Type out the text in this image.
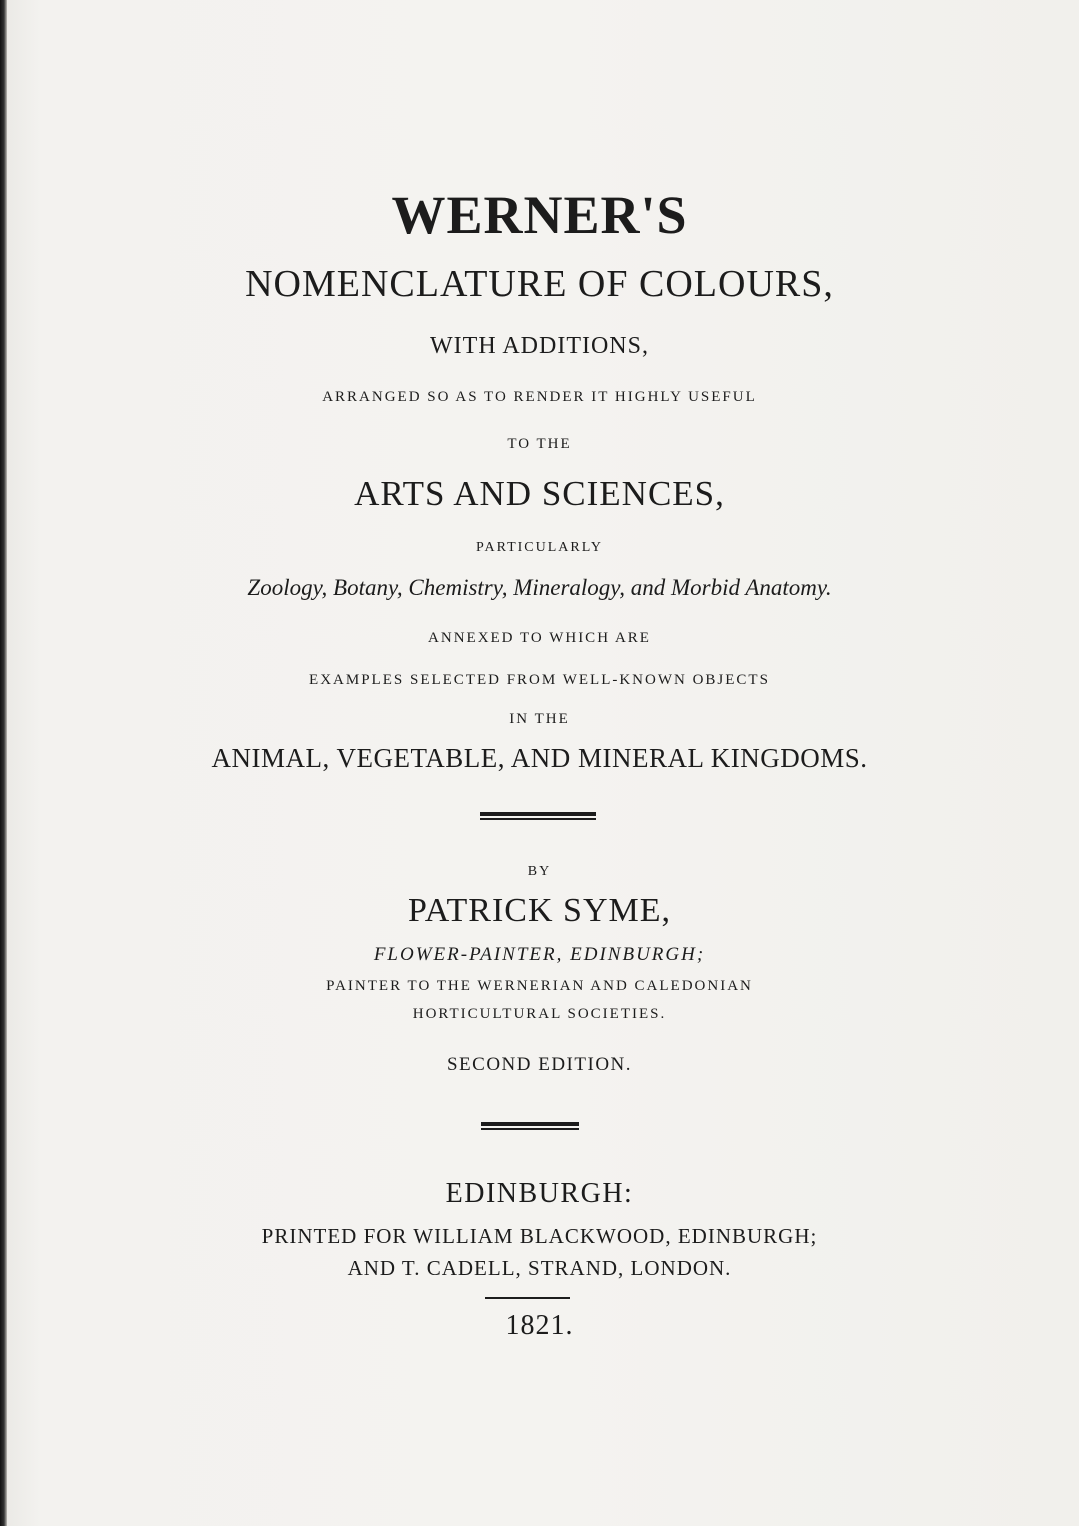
WERNER'S
NOMENCLATURE OF COLOURS,
WITH ADDITIONS,
ARRANGED SO AS TO RENDER IT HIGHLY USEFUL
TO THE
ARTS AND SCIENCES,
PARTICULARLY
Zoology, Botany, Chemistry, Mineralogy, and Morbid Anatomy.
ANNEXED TO WHICH ARE
EXAMPLES SELECTED FROM WELL-KNOWN OBJECTS
IN THE
ANIMAL, VEGETABLE, AND MINERAL KINGDOMS.
BY
PATRICK SYME,
FLOWER-PAINTER, EDINBURGH;
PAINTER TO THE WERNERIAN AND CALEDONIAN
HORTICULTURAL SOCIETIES.
SECOND EDITION.
EDINBURGH:
PRINTED FOR WILLIAM BLACKWOOD, EDINBURGH;
AND T. CADELL, STRAND, LONDON.
1821.
